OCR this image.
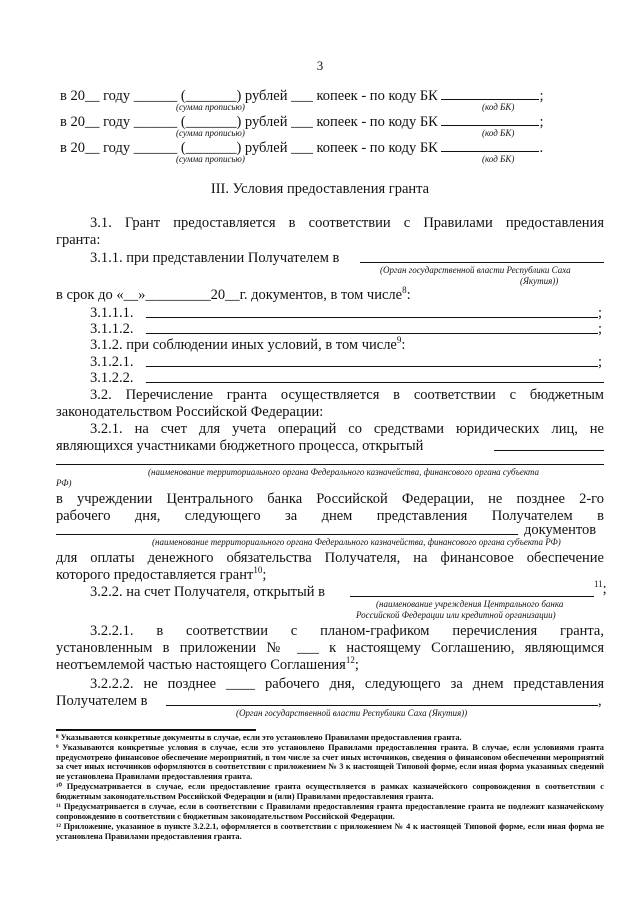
3
в 20__ году ______ (_______) рублей ___ копеек - по коду БК	;
(сумма прописью)	(код БК)
в 20__ году ______ (_______) рублей ___ копеек - по коду БК	;
(сумма прописью)	(код БК)
в 20__ году ______ (_______) рублей ___ копеек - по коду БК	.
(сумма прописью)	(код БК)
III. Условия предоставления гранта
3.1. Грант предоставляется в соответствии с Правилами предоставления
гранта:
3.1.1. при представлении Получателем в
(Орган государственной власти Республики Саха
(Якутия))
в срок до «__»_________20__г. документов, в том числе$^8$:
3.1.1.1.	;
3.1.1.2.	;
3.1.2. при соблюдении иных условий, в том числе$^9$:
3.1.2.1.	;
3.1.2.2.
3.2. Перечисление гранта осуществляется в соответствии с бюджетным
законодательством Российской Федерации:
3.2.1. на счет для учета операций со средствами юридических лиц, не
являющихся участниками бюджетного процесса, открытый
(наименование территориального органа Федерального казначейства, финансового органа субъекта
РФ)
в учреждении Центрального банка Российской Федерации, не позднее 2-го
рабочего дня, следующего за днем представления Получателем в
документов
(наименование территориального органа Федерального казначейства, финансового органа субъекта РФ)
для оплаты денежного обязательства Получателя, на финансовое обеспечение
которого предоставляется грант$^{10}$;
3.2.2. на счет Получателя, открытый в	$^{11}$;
(наименование учреждения Центрального банка
Российской Федерации или кредитной организации)
3.2.2.1. в соответствии с планом-графиком перечисления гранта,
установленным в приложении № ___ к настоящему Соглашению, являющимся
неотъемлемой частью настоящего Соглашения$^{12}$;
3.2.2.2. не позднее ____ рабочего дня, следующего за днем представления
Получателем в	,
(Орган государственной власти Республики Саха (Якутия))
⁸ Указываются конкретные документы в случае, если это установлено Правилами предоставления гранта.
⁹ Указываются конкретные условия в случае, если это установлено Правилами предоставления гранта. В случае, если условиями гранта предусмотрено финансовое обеспечение мероприятий, в том числе за счет иных источников, сведения о финансовом обеспечении мероприятий за счет иных источников оформляются в соответствии с приложением № 3 к настоящей Типовой форме, если иная форма указанных сведений не установлена Правилами предоставления гранта.
¹⁰ Предусматривается в случае, если предоставление гранта осуществляется в рамках казначейского сопровождения в соответствии с бюджетным законодательством Российской Федерации и (или) Правилами предоставления гранта.
¹¹ Предусматривается в случае, если в соответствии с Правилами предоставления гранта предоставление гранта не подлежит казначейскому сопровождению в соответствии с бюджетным законодательством Российской Федерации.
¹² Приложение, указанное в пункте 3.2.2.1, оформляется в соответствии с приложением № 4 к настоящей Типовой форме, если иная форма не установлена Правилами предоставления гранта.
